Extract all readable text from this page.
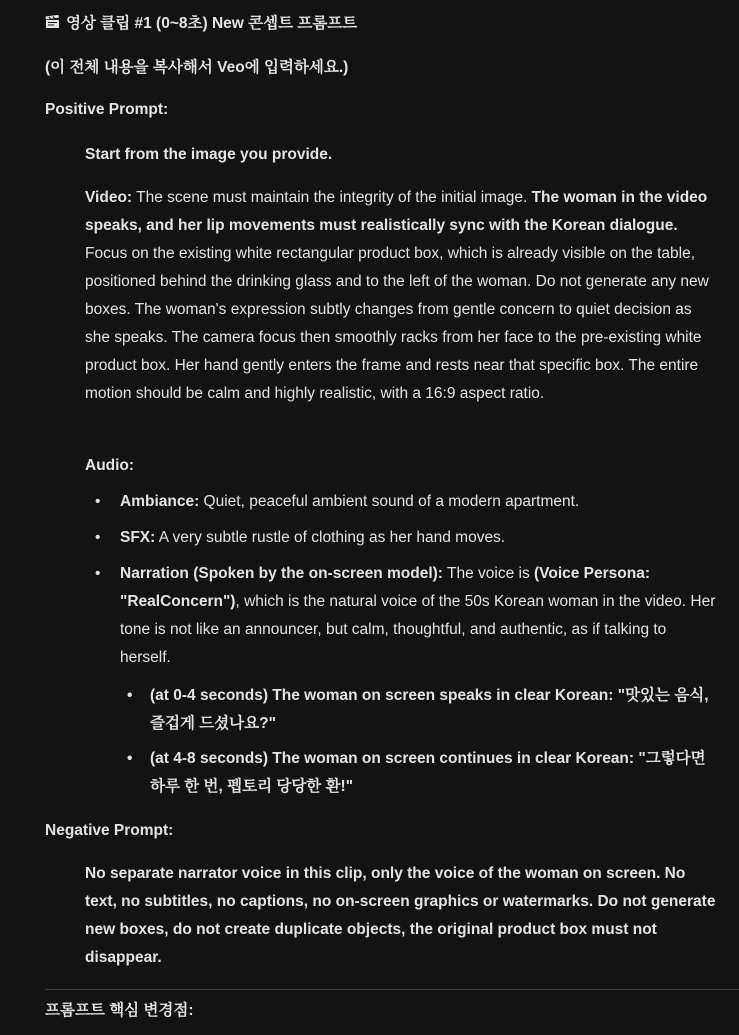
영상 클립 #1 (0~8초) New 콘셉트 프롬프트
(이 전체 내용을 복사해서 Veo에 입력하세요.)
Positive Prompt:

Start from the image you provide.

Video: The scene must maintain the integrity of the initial image. The woman in the video speaks, and her lip movements must realistically sync with the Korean dialogue. Focus on the existing white rectangular product box, which is already visible on the table, positioned behind the drinking glass and to the left of the woman. Do not generate any new boxes. The woman's expression subtly changes from gentle concern to quiet decision as she speaks. The camera focus then smoothly racks from her face to the pre-existing white product box. Her hand gently enters the frame and rests near that specific box. The entire motion should be calm and highly realistic, with a 16:9 aspect ratio.

Audio:

• Ambiance: Quiet, peaceful ambient sound of a modern apartment.
• SFX: A very subtle rustle of clothing as her hand moves.
• Narration (Spoken by the on-screen model): The voice is (Voice Persona: "RealConcern"), which is the natural voice of the 50s Korean woman in the video. Her tone is not like an announcer, but calm, thoughtful, and authentic, as if talking to herself.
• (at 0-4 seconds) The woman on screen speaks in clear Korean: "맛있는 음식, 즐겁게 드셨나요?"
• (at 4-8 seconds) The woman on screen continues in clear Korean: "그렇다면 하루 한 번, 펩토리 당당한 환!"
Negative Prompt:

No separate narrator voice in this clip, only the voice of the woman on screen. No text, no subtitles, no captions, no on-screen graphics or watermarks. Do not generate new boxes, do not create duplicate objects, the original product box must not disappear.

프롬프트 핵심 변경점:
